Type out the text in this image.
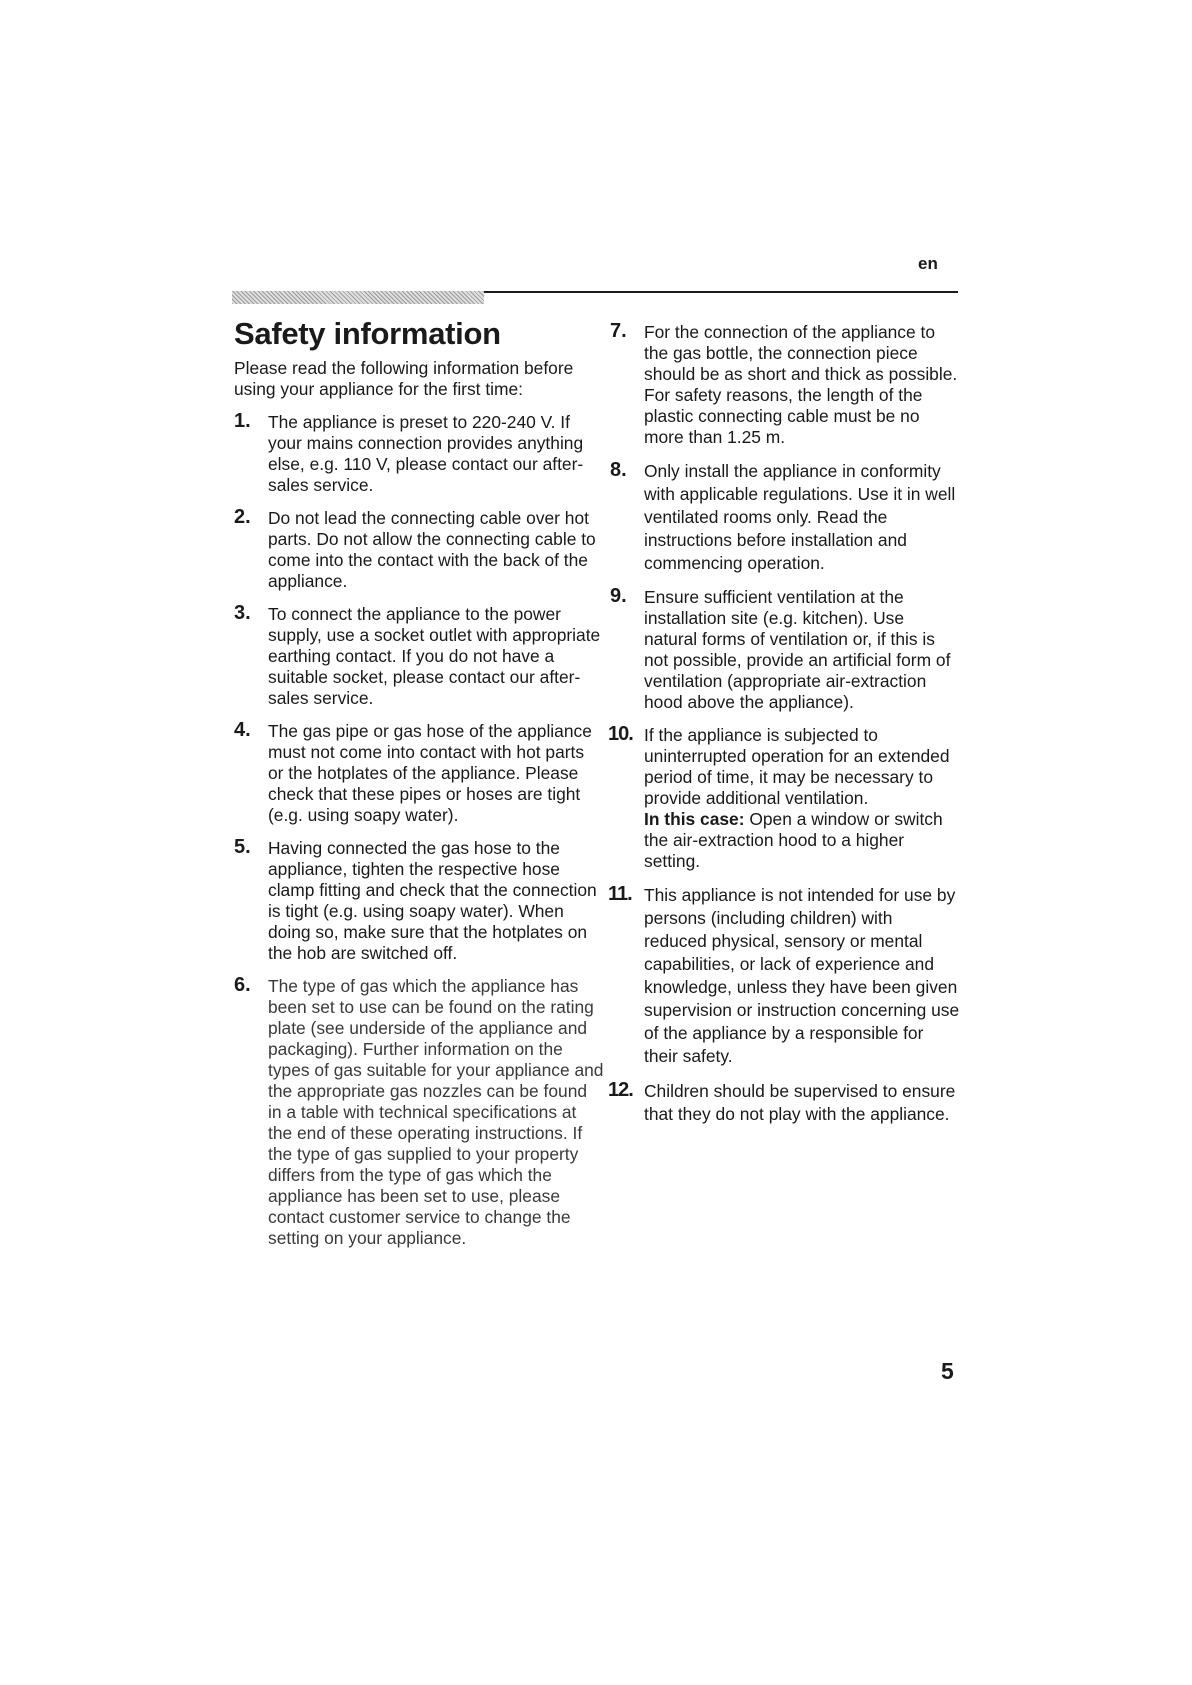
en
Safety information

Please read the following information before using your appliance for the first time:

1. The appliance is preset to 220-240 V. If your mains connection provides anything else, e.g. 110 V, please contact our after-sales service.

2. Do not lead the connecting cable over hot parts. Do not allow the connecting cable to come into the contact with the back of the appliance.

3. To connect the appliance to the power supply, use a socket outlet with appropriate earthing contact. If you do not have a suitable socket, please contact our after-sales service.

4. The gas pipe or gas hose of the appliance must not come into contact with hot parts or the hotplates of the appliance. Please check that these pipes or hoses are tight (e.g. using soapy water).

5. Having connected the gas hose to the appliance, tighten the respective hose clamp fitting and check that the connection is tight (e.g. using soapy water). When doing so, make sure that the hotplates on the hob are switched off.

6. The type of gas which the appliance has been set to use can be found on the rating plate (see underside of the appliance and packaging). Further information on the types of gas suitable for your appliance and the appropriate gas nozzles can be found in a table with technical specifications at the end of these operating instructions. If the type of gas supplied to your property differs from the type of gas which the appliance has been set to use, please contact customer service to change the setting on your appliance.

7. For the connection of the appliance to the gas bottle, the connection piece should be as short and thick as possible. For safety reasons, the length of the plastic connecting cable must be no more than 1.25 m.

8. Only install the appliance in conformity with applicable regulations. Use it in well ventilated rooms only. Read the instructions before installation and commencing operation.

9. Ensure sufficient ventilation at the installation site (e.g. kitchen). Use natural forms of ventilation or, if this is not possible, provide an artificial form of ventilation (appropriate air-extraction hood above the appliance).

10. If the appliance is subjected to uninterrupted operation for an extended period of time, it may be necessary to provide additional ventilation.
In this case: Open a window or switch the air-extraction hood to a higher setting.

11. This appliance is not intended for use by persons (including children) with reduced physical, sensory or mental capabilities, or lack of experience and knowledge, unless they have been given supervision or instruction concerning use of the appliance by a responsible for their safety.

12. Children should be supervised to ensure that they do not play with the appliance.

5
